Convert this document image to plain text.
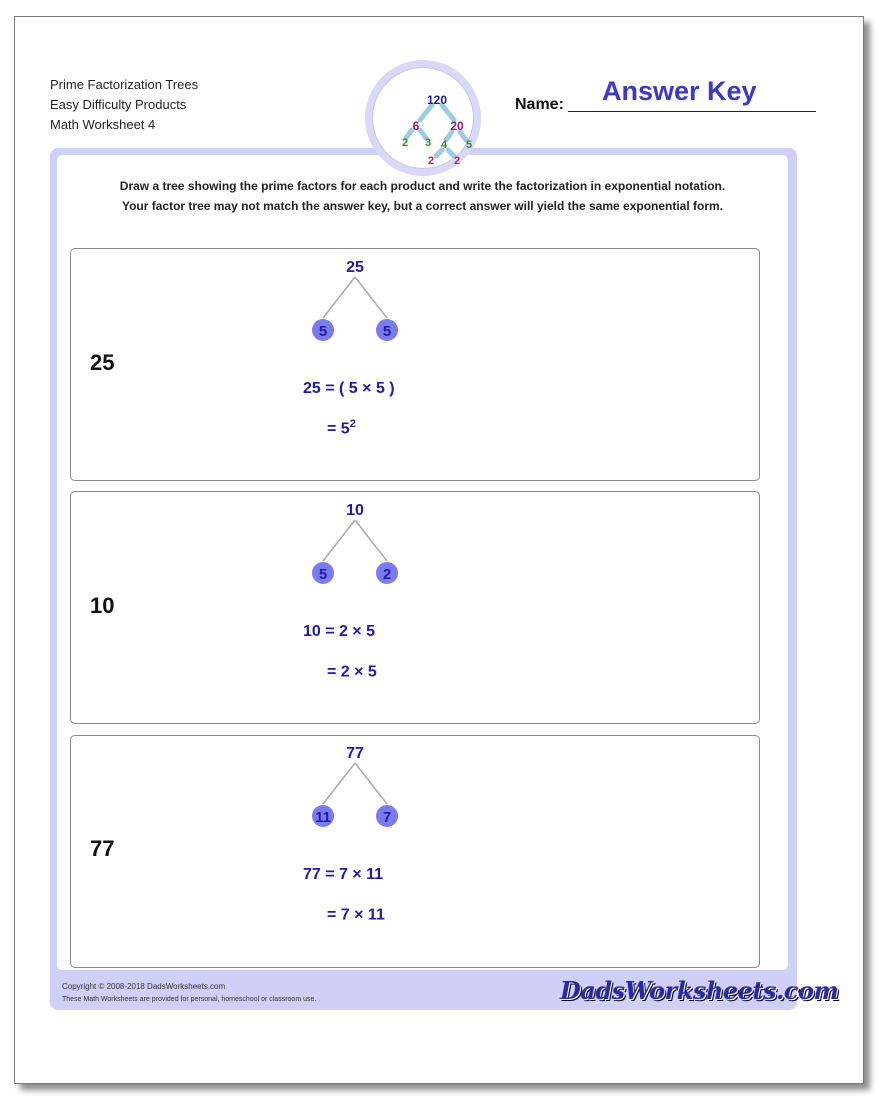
Prime Factorization Trees
Easy Difficulty Products
Math Worksheet 4
Answer Key
Name:
120
6	20
2 3 4 5
2 2
Draw a tree showing the prime factors for each product and write the factorization in exponential notation.
Your factor tree may not match the answer key, but a correct answer will yield the same exponential form.
25
25
5	5
25 = ( 5 × 5 )
= $5^2$
10
10
5	2
10 = 2 × 5
= 2 × 5
77
77
11	7
77 = 7 × 11
= 7 × 11
Copyright © 2008-2018 DadsWorksheets.com
These Math Worksheets are provided for personal, homeschool or classroom use.	DadsWorksheets.com
